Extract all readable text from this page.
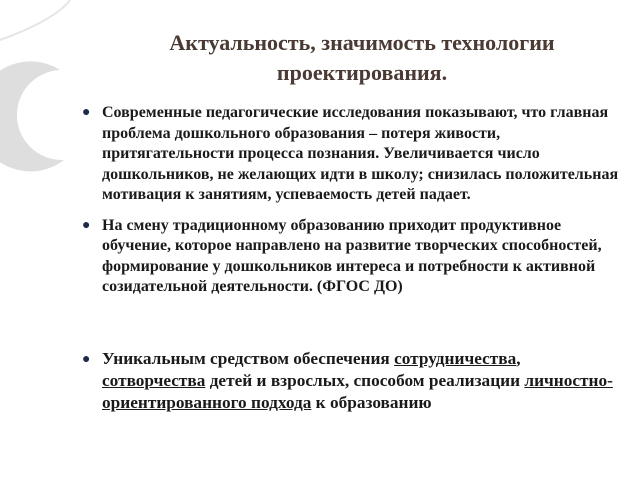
Актуальность, значимость технологии проектирования.
● Современные педагогические исследования показывают, что главная проблема дошкольного образования – потеря живости, притягательности процесса познания. Увеличивается число дошкольников, не желающих идти в школу; снизилась положительная мотивация к занятиям, успеваемость детей падает.
● На смену традиционному образованию приходит продуктивное обучение, которое направлено на развитие творческих способностей, формирование у дошкольников интереса и потребности к активной созидательной деятельности. (ФГОС ДО)
● Уникальным средством обеспечения сотрудничества, сотворчества детей и взрослых, способом реализации личностно-ориентированного подхода к образованию
